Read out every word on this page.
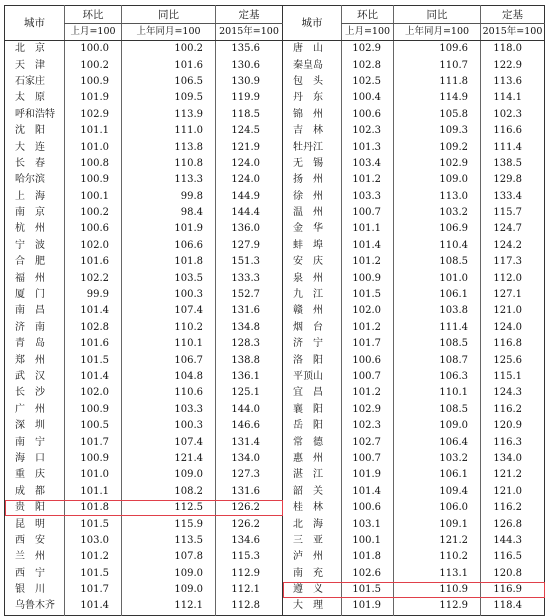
城市	环比	同比	定基	城市	环比	同比	定基
	上月=100	上年同月=100	2015年=100		上月=100	上年同月=100	2015年=100
北　京	100.0	100.2	135.6	唐　山	102.9	109.6	118.0
天　津	100.2	101.6	130.6	秦皇岛	102.8	110.7	122.9
石家庄	100.9	106.5	130.9	包　头	102.5	111.8	113.6
太　原	101.9	109.5	119.9	丹　东	100.4	114.9	114.1
呼和浩特	102.9	113.9	118.5	锦　州	100.6	105.8	102.3
沈　阳	101.1	111.0	124.5	吉　林	102.3	109.3	116.6
大　连	101.0	113.8	121.9	牡丹江	101.3	109.2	111.4
长　春	100.8	110.8	124.0	无　锡	103.4	102.9	138.5
哈尔滨	100.9	113.3	124.0	扬　州	101.2	109.0	129.8
上　海	100.1	99.8	144.9	徐　州	103.3	113.0	133.4
南　京	100.2	98.4	144.4	温　州	100.7	103.2	115.7
杭　州	100.6	101.9	136.0	金　华	101.1	106.9	124.7
宁　波	102.0	106.6	127.9	蚌　埠	101.4	110.4	124.2
合　肥	101.6	101.8	151.3	安　庆	101.2	108.5	117.3
福　州	102.2	103.5	133.3	泉　州	100.9	101.0	112.0
厦　门	99.9	100.3	152.7	九　江	101.5	106.1	127.1
南　昌	101.4	107.4	131.6	赣　州	102.0	103.8	121.0
济　南	102.8	110.2	134.8	烟　台	101.2	111.4	124.0
青　岛	101.6	110.1	128.3	济　宁	101.7	108.5	116.8
郑　州	101.5	106.7	138.8	洛　阳	100.6	108.7	125.6
武　汉	101.4	104.8	136.1	平顶山	100.7	106.3	115.1
长　沙	102.0	110.6	125.1	宜　昌	101.2	110.1	124.3
广　州	100.9	103.3	144.0	襄　阳	102.9	108.5	116.2
深　圳	100.5	100.3	146.6	岳　阳	102.3	109.0	120.9
南　宁	101.7	107.4	131.4	常　德	102.7	106.4	116.3
海　口	100.9	121.4	134.0	惠　州	100.7	103.2	134.0
重　庆	101.0	109.0	127.3	湛　江	101.9	106.1	121.2
成　都	101.1	108.2	131.6	韶　关	101.4	109.4	121.0
贵　阳	101.8	112.5	126.2	桂　林	100.6	106.0	116.2
昆　明	101.5	115.9	126.2	北　海	103.1	109.1	126.8
西　安	103.0	113.5	134.6	三　亚	100.1	121.2	144.3
兰　州	101.2	107.8	115.3	泸　州	101.8	110.2	116.5
西　宁	101.5	109.0	112.9	南　充	102.6	113.1	120.8
银　川	101.7	109.0	112.1	遵　义	101.5	110.9	116.9
乌鲁木齐	101.4	112.1	112.8	大　理	101.9	112.9	118.4
